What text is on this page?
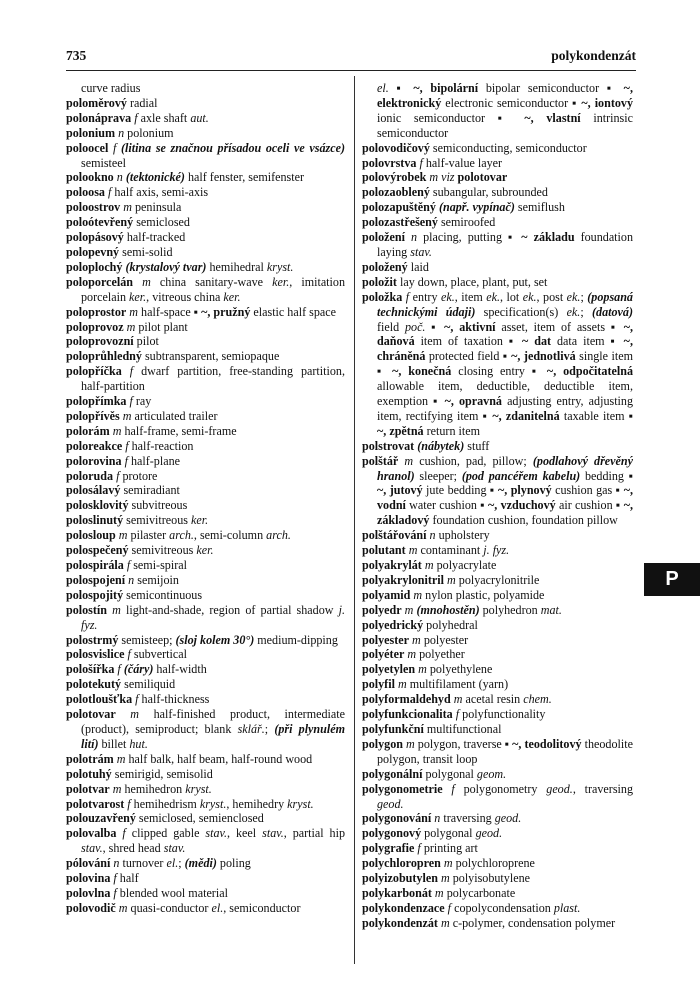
735	polykondenzát
curve radius
poloměrový radial
polonáprava f axle shaft aut.
polonium n polonium
poloocel f (litina se značnou přísadou oceli ve vsázce) semisteel
polookno n (tektonické) half fenster, semifenster
poloosa f half axis, semi-axis
poloostrov m peninsula
poloótevřený semiclosed
polopásový half-tracked
polopevný semi-solid
poloplochý (krystalový tvar) hemihedral kryst.
poloporcelán m china sanitary-wave ker., imitation porcelain ker., vitreous china ker.
poloprostor m half-space ▪ ~, pružný elastic half space
poloprovoz m pilot plant
poloprovozní pilot
poloprůhledný subtransparent, semiopaque
polopříčka f dwarf partition, free-standing partition, half-partition
polopřímka f ray
polopřívěs m articulated trailer
polorám m half-frame, semi-frame
poloreakce f half-reaction
polorovina f half-plane
poloruda f protore
polosálavý semiradiant
polosklovitý subvitreous
poloslinutý semivitreous ker.
polosloup m pilaster arch., semi-column arch.
polospečený semivitreous ker.
polospirála f semi-spiral
polospojení n semijoin
polospojitý semicontinuous
polostín m light-and-shade, region of partial shadow j. fyz.
polostrmý semisteep; (sloj kolem 30°) medium-dipping
polosvislice f subvertical
pološířka f (čáry) half-width
polotekutý semiliquid
polotloušťka f half-thickness
polotovar m half-finished product, intermediate (product), semiproduct; blank sklář.; (při plynulém lití) billet hut.
polotrám m half balk, half beam, half-round wood
polotuhý semirigid, semisolid
polotvar m hemihedron kryst.
polotvarost f hemihedrism kryst., hemihedry kryst.
polouzavřený semiclosed, semienclosed
polovalba f clipped gable stav., keel stav., partial hip stav., shred head stav.
pólování n turnover el.; (mědi) poling
polovina f half
polovlna f blended wool material
polovodič m quasi-conductor el., semiconductor
el. ▪ ~, bipolární bipolar semiconductor ▪ ~, elektronický electronic semiconductor ▪ ~, iontový ionic semiconductor ▪ ~, vlastní intrinsic semiconductor
polovodičový semiconducting, semiconductor
polovrstva f half-value layer
polovýrobek m viz polotovar
polozaoblený subangular, subrounded
polozapuštěný (např. vypínač) semiflush
polozastřešený semiroofed
položení n placing, putting ▪ ~ základu foundation laying stav.
položený laid
položit lay down, place, plant, put, set
položka f entry ek., item ek., lot ek., post ek.; (popsaná technickými údaji) specification(s) ek.; (datová) field poč. ▪ ~, aktivní asset, item of assets ▪ ~, daňová item of taxation ▪ ~ dat data item ▪ ~, chráněná protected field ▪ ~, jednotlivá single item ▪ ~, konečná closing entry ▪ ~, odpočitatelná allowable item, deductible, deductible item, exemption ▪ ~, opravná adjusting entry, adjusting item, rectifying item ▪ ~, zdanitelná taxable item ▪ ~, zpětná return item
polstrovat (nábytek) stuff
polštář m cushion, pad, pillow; (podlahový dřevěný hranol) sleeper; (pod pancéřem kabelu) bedding ▪ ~, jutový jute bedding ▪ ~, plynový cushion gas ▪ ~, vodní water cushion ▪ ~, vzduchový air cushion ▪ ~, základový foundation cushion, foundation pillow
polštářování n upholstery
polutant m contaminant j. fyz.
polyakrylát m polyacrylate
polyakrylonitril m polyacrylonitrile
polyamid m nylon plastic, polyamide
polyedr m (mnohostěn) polyhedron mat.
polyedrický polyhedral
polyester m polyester
polyéter m polyether
polyetylen m polyethylene
polyfil m multifilament (yarn)
polyformaldehyd m acetal resin chem.
polyfunkcionalita f polyfunctionality
polyfunkční multifunctional
polygon m polygon, traverse ▪ ~, teodolitový theodolite polygon, transit loop
polygonální polygonal geom.
polygonometrie f polygonometry geod., traversing geod.
polygonování n traversing geod.
polygonový polygonal geod.
polygrafie f printing art
polychloropren m polychloroprene
polyizobutylen m polyisobutylene
polykarbonát m polycarbonate
polykondenzace f copolycondensation plast.
polykondenzát m c-polymer, condensation polymer
P
